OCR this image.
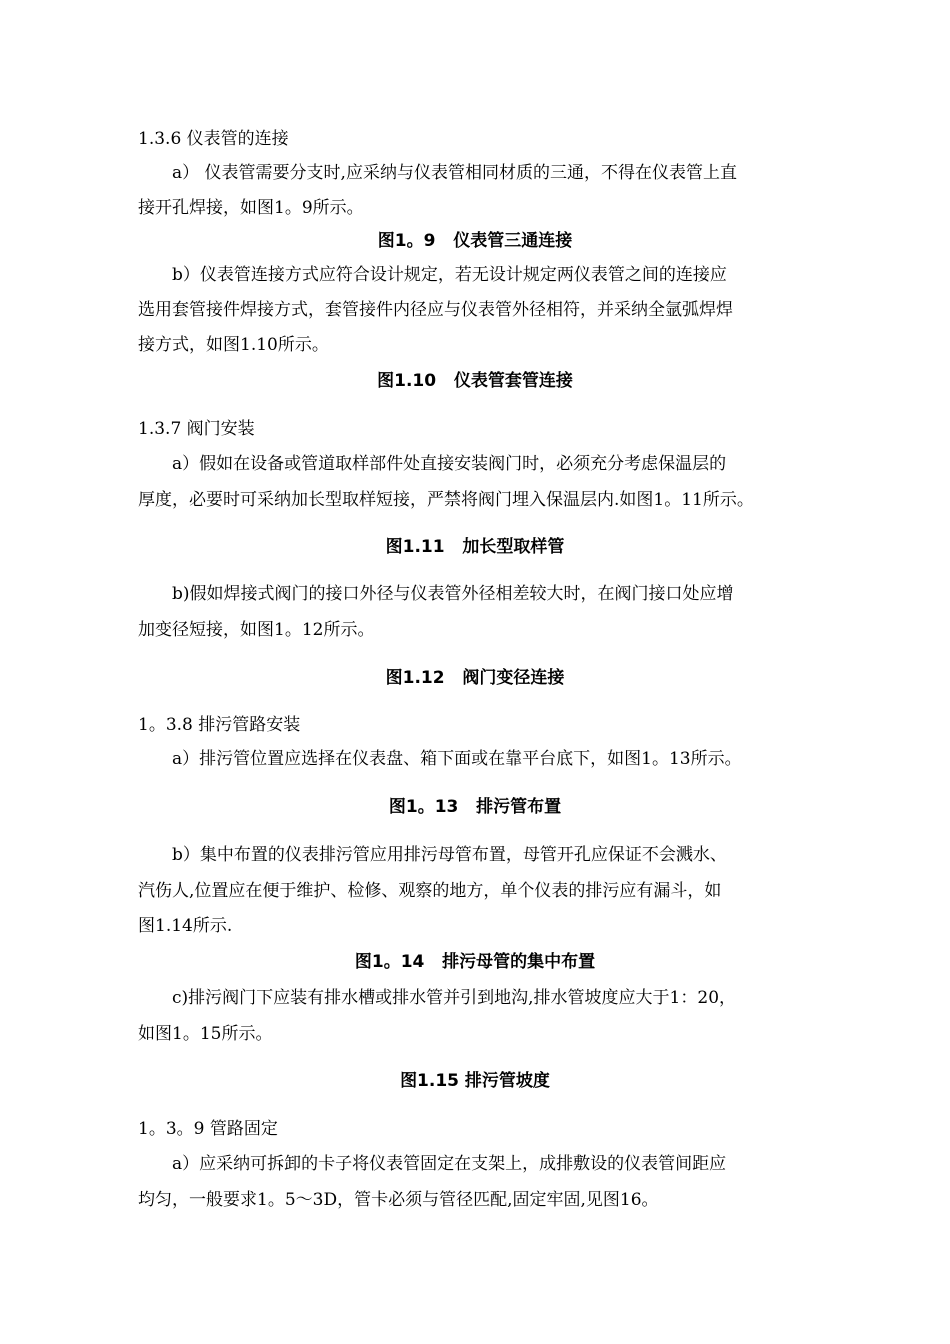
1.3.6 仪表管的连接
a） 仪表管需要分支时,应采纳与仪表管相同材质的三通，不得在仪表管上直
接开孔焊接，如图1。9所示。
图1。9   仪表管三通连接
b）仪表管连接方式应符合设计规定，若无设计规定两仪表管之间的连接应
选用套管接件焊接方式，套管接件内径应与仪表管外径相符，并采纳全氩弧焊焊
接方式，如图1.10所示。
图1.10   仪表管套管连接
1.3.7 阀门安装
a）假如在设备或管道取样部件处直接安装阀门时，必须充分考虑保温层的
厚度，必要时可采纳加长型取样短接，严禁将阀门埋入保温层内.如图1。11所示。
图1.11   加长型取样管
b)假如焊接式阀门的接口外径与仪表管外径相差较大时，在阀门接口处应增
加变径短接，如图1。12所示。
图1.12   阀门变径连接
1。3.8 排污管路安装
a）排污管位置应选择在仪表盘、箱下面或在靠平台底下，如图1。13所示。
图1。13   排污管布置
b）集中布置的仪表排污管应用排污母管布置，母管开孔应保证不会溅水、
汽伤人,位置应在便于维护、检修、观察的地方，单个仪表的排污应有漏斗，如
图1.14所示.
图1。14   排污母管的集中布置
c)排污阀门下应装有排水槽或排水管并引到地沟,排水管坡度应大于1：20，
如图1。15所示。
图1.15 排污管坡度
1。3。9 管路固定
a）应采纳可拆卸的卡子将仪表管固定在支架上，成排敷设的仪表管间距应
均匀，一般要求1。5～3D，管卡必须与管径匹配,固定牢固,见图16。
